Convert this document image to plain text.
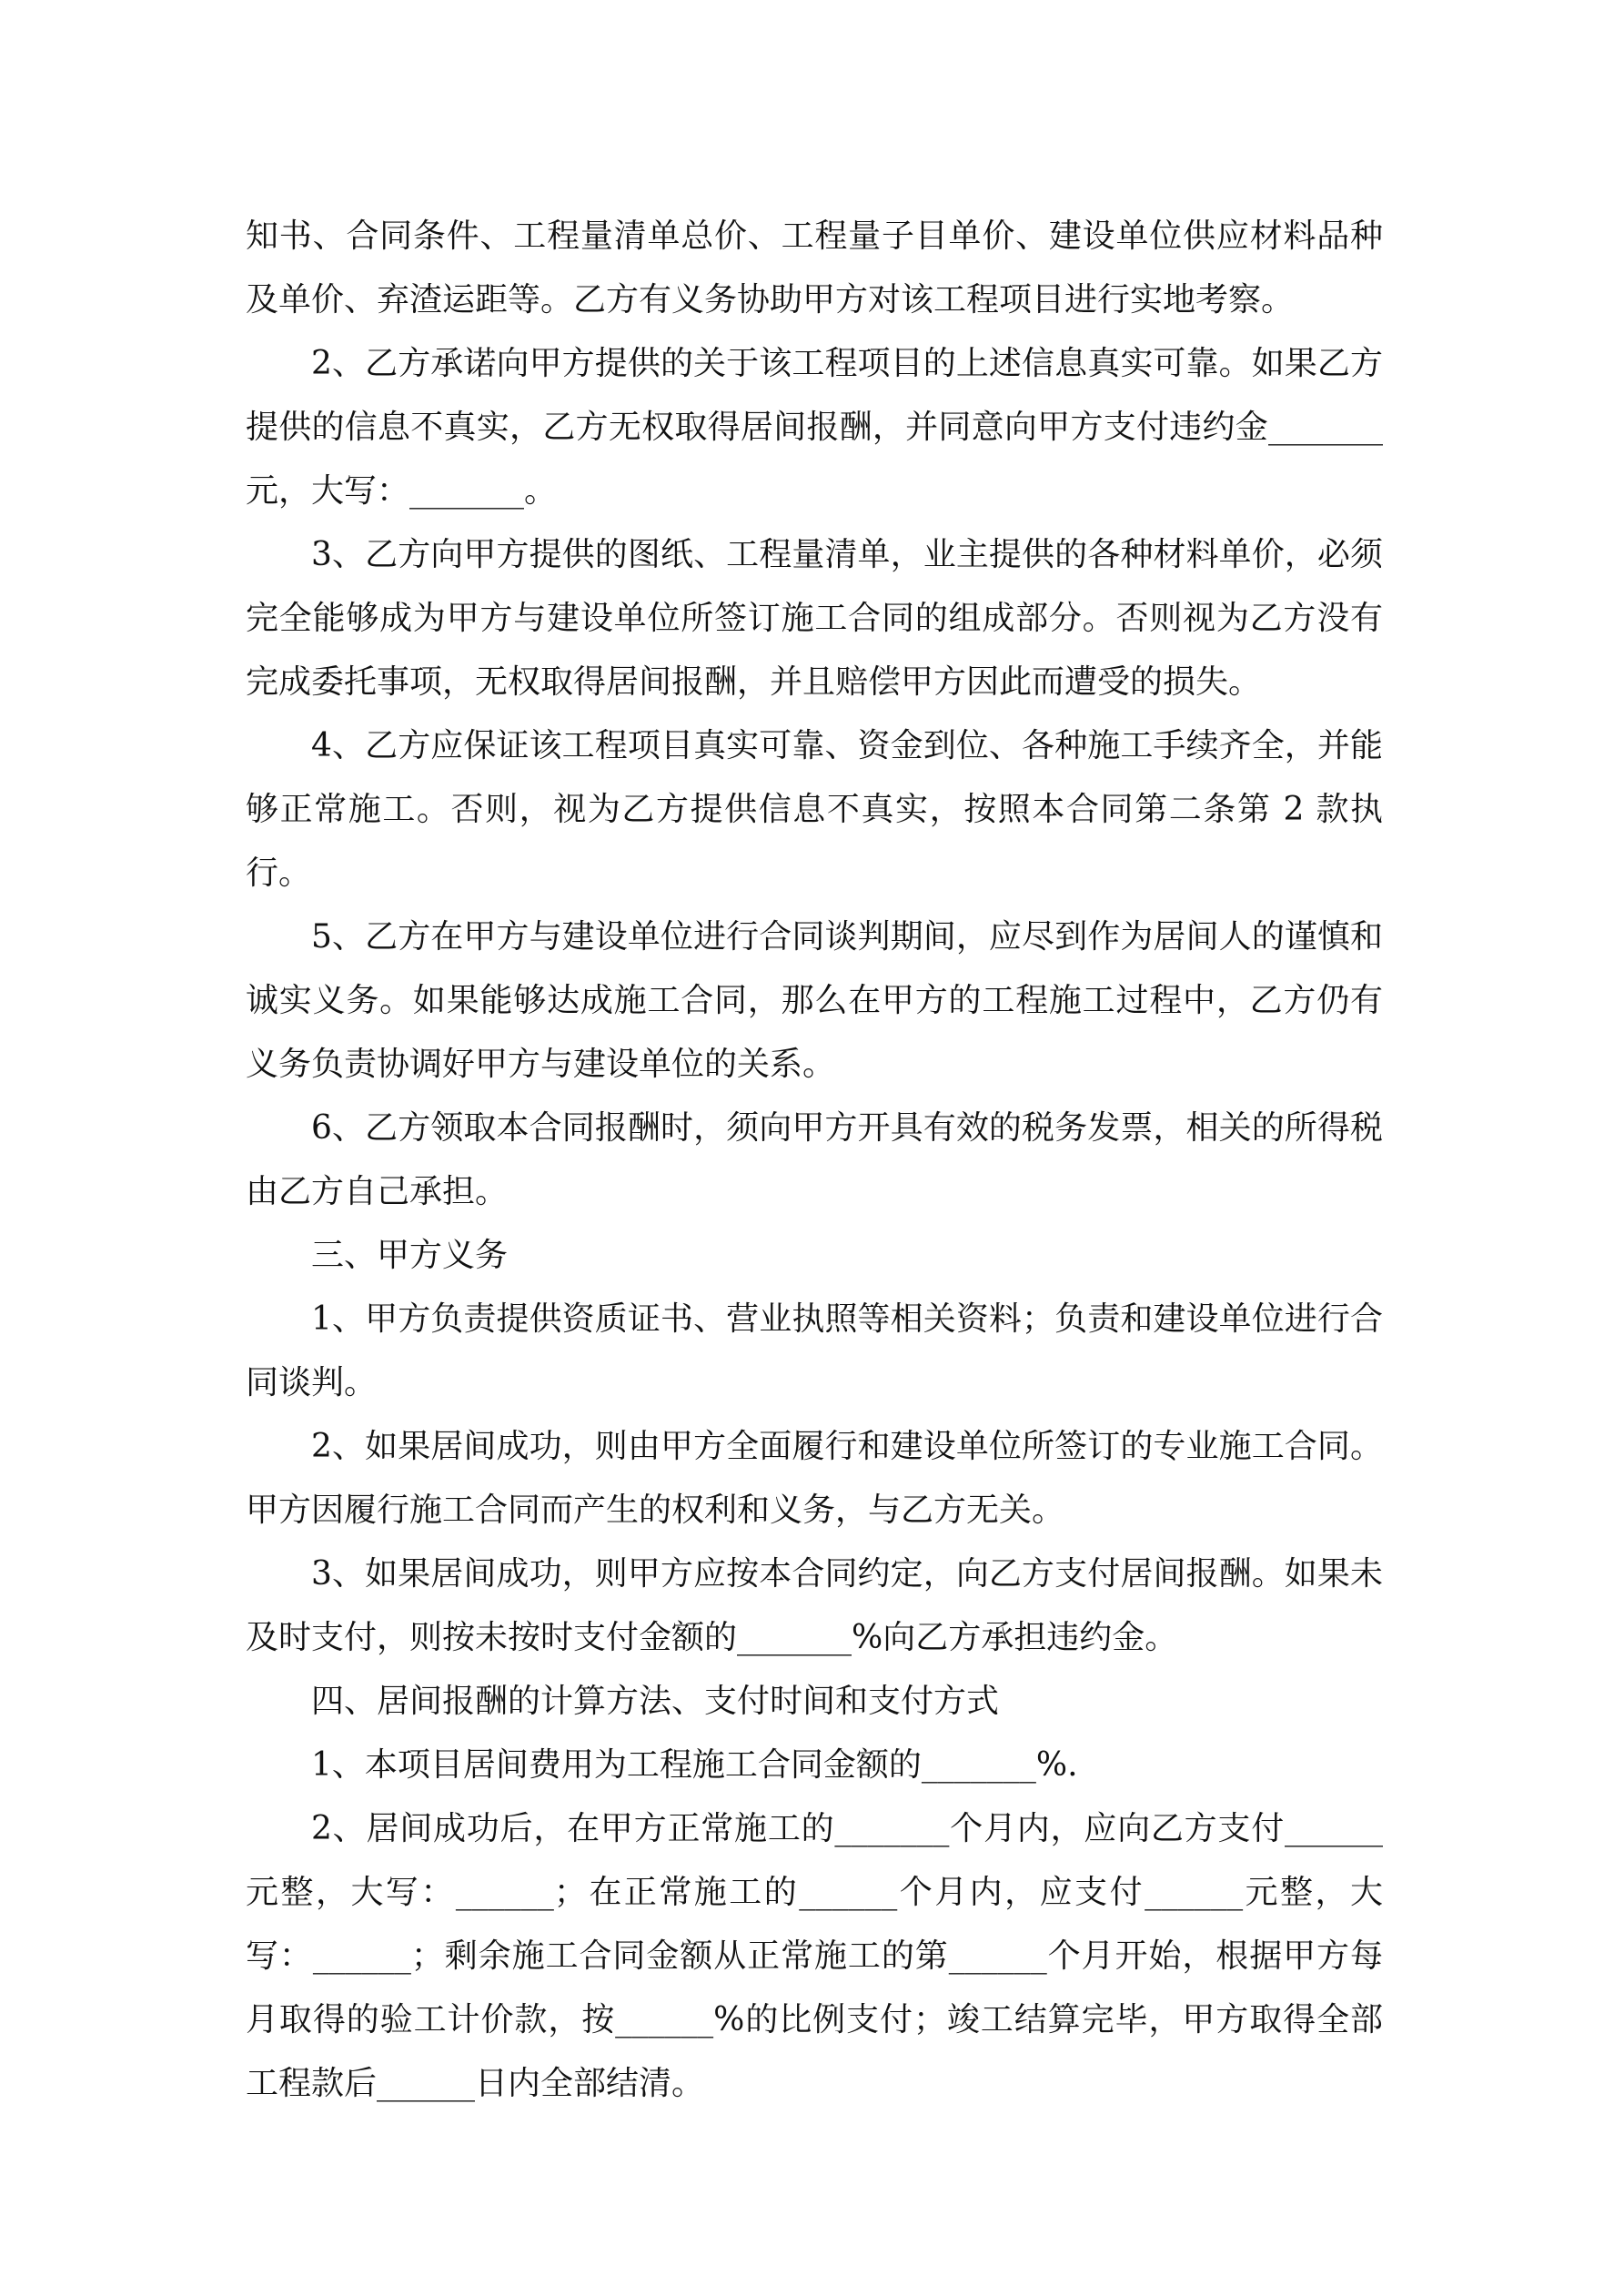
知书、合同条件、工程量清单总价、工程量子目单价、建设单位供应材料品种及单价、弃渣运距等。乙方有义务协助甲方对该工程项目进行实地考察。

2、乙方承诺向甲方提供的关于该工程项目的上述信息真实可靠。如果乙方提供的信息不真实，乙方无权取得居间报酬，并同意向甲方支付违约金_______元，大写：_______。

3、乙方向甲方提供的图纸、工程量清单，业主提供的各种材料单价，必须完全能够成为甲方与建设单位所签订施工合同的组成部分。否则视为乙方没有完成委托事项，无权取得居间报酬，并且赔偿甲方因此而遭受的损失。

4、乙方应保证该工程项目真实可靠、资金到位、各种施工手续齐全，并能够正常施工。否则，视为乙方提供信息不真实，按照本合同第二条第 2 款执行。

5、乙方在甲方与建设单位进行合同谈判期间，应尽到作为居间人的谨慎和诚实义务。如果能够达成施工合同，那么在甲方的工程施工过程中，乙方仍有义务负责协调好甲方与建设单位的关系。

6、乙方领取本合同报酬时，须向甲方开具有效的税务发票，相关的所得税由乙方自己承担。

三、甲方义务

1、甲方负责提供资质证书、营业执照等相关资料；负责和建设单位进行合同谈判。

2、如果居间成功，则由甲方全面履行和建设单位所签订的专业施工合同。甲方因履行施工合同而产生的权利和义务，与乙方无关。

3、如果居间成功，则甲方应按本合同约定，向乙方支付居间报酬。如果未及时支付，则按未按时支付金额的_______%向乙方承担违约金。

四、居间报酬的计算方法、支付时间和支付方式

1、本项目居间费用为工程施工合同金额的_______%.

2、居间成功后，在甲方正常施工的_______个月内，应向乙方支付______元整，大写：______；在正常施工的______个月内，应支付______元整，大写：______；剩余施工合同金额从正常施工的第______个月开始，根据甲方每月取得的验工计价款，按______%的比例支付；竣工结算完毕，甲方取得全部工程款后______日内全部结清。
